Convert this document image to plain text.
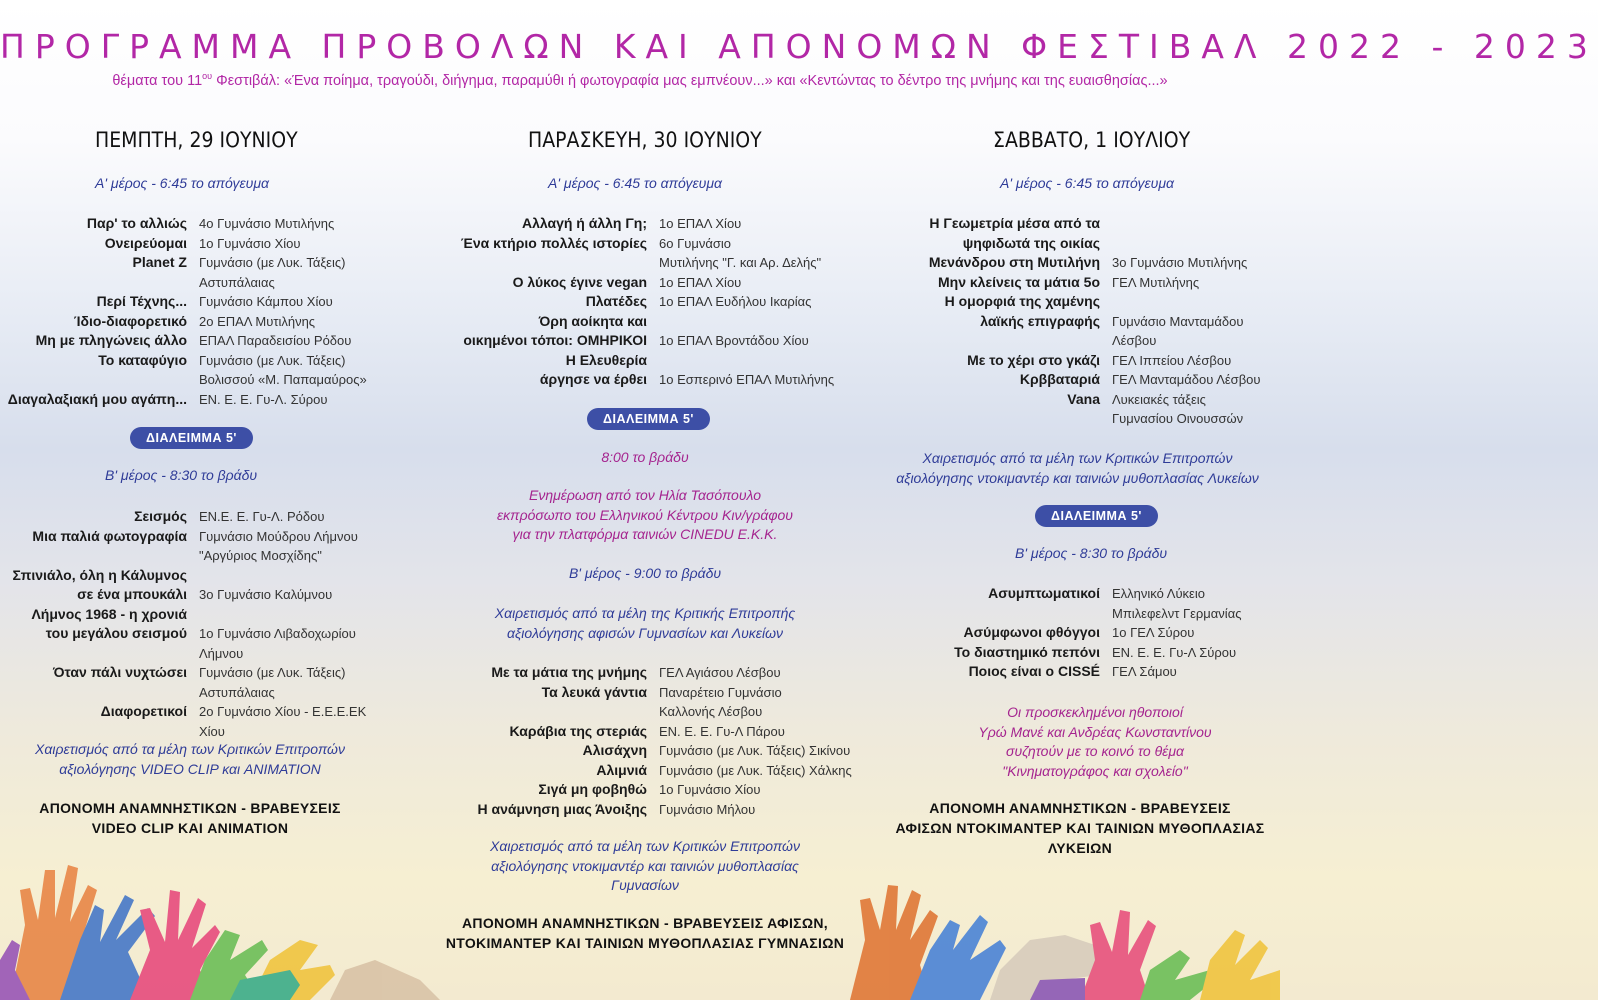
ΠΡΟΓΡΑΜΜΑ ΠΡΟΒΟΛΩΝ ΚΑΙ ΑΠΟΝΟΜΩΝ ΦΕΣΤΙΒΑΛ 2022 - 2023
θέματα του $11^{o\upsilon}$ Φεστιβάλ: «Ένα ποίημα, τραγούδι, διήγημα, παραμύθι ή φωτογραφία μας εμπνέουν...» και «Κεντώντας το δέντρο της μνήμης και της ευαισθησίας...»
ΠΕΜΠΤΗ, 29 ΙΟΥΝΙΟΥ
Α' μέρος - 6:45 το απόγευμα
Παρ' το αλλιώς 4ο Γυμνάσιο Μυτιλήνης
Ονειρεύομαι 1ο Γυμνάσιο Χίου
Planet Z Γυμνάσιο (με Λυκ. Τάξεις)
Αστυπάλαιας
Περί Τέχνης... Γυμνάσιο Κάμπου Χίου
Ίδιο-διαφορετικό 2ο ΕΠΑΛ Μυτιλήνης
Μη με πληγώνεις άλλο ΕΠΑΛ Παραδεισίου Ρόδου
Το καταφύγιο Γυμνάσιο (με Λυκ. Τάξεις)
Βολισσού «Μ. Παπαμαύρος»
Διαγαλαξιακή μου αγάπη... ΕΝ. Ε. Ε. Γυ-Λ. Σύρου
ΔΙΑΛΕΙΜΜΑ 5'
Β' μέρος - 8:30 το βράδυ
Σεισμός ΕΝ.Ε. Ε. Γυ-Λ. Ρόδου
Μια παλιά φωτογραφία Γυμνάσιο Μούδρου Λήμνου
"Αργύριος Μοσχίδης"
Σπινιάλο, όλη η Κάλυμνος
σε ένα μπουκάλι
3ο Γυμνάσιο Καλύμνου
Λήμνος 1968 - η χρονιά
του μεγάλου σεισμού
1ο Γυμνάσιο Λιβαδοχωρίου
Λήμνου
Όταν πάλι νυχτώσει Γυμνάσιο (με Λυκ. Τάξεις)
Αστυπάλαιας
Διαφορετικοί 2ο Γυμνάσιο Χίου - Ε.Ε.Ε.ΕΚ Χίου
Χαιρετισμός από τα μέλη των Κριτικών Επιτροπών
αξιολόγησης VIDEO CLIP και ANIMATION
ΑΠΟΝΟΜΗ ΑΝΑΜΝΗΣΤΙΚΩΝ - ΒΡΑΒΕΥΣΕΙΣ
VIDEO CLIP ΚΑΙ ANIMATION
ΠΑΡΑΣΚΕΥΗ, 30 ΙΟΥΝΙΟΥ
Α' μέρος - 6:45 το απόγευμα
Αλλαγή ή άλλη Γη; 1ο ΕΠΑΛ Χίου
Ένα κτήριο πολλές ιστορίες 6ο Γυμνάσιο
Μυτιλήνης "Γ. και Αρ. Δελής"
Ο λύκος έγινε vegan 1ο ΕΠΑΛ Χίου
Πλατέδες 1ο ΕΠΑΛ Ευδήλου Ικαρίας
Όρη αοίκητα και
οικημένοι τόποι: ΟΜΗΡΙΚΟΙ
1ο ΕΠΑΛ Βροντάδου Χίου
Η Ελευθερία
άργησε να έρθει
1ο Εσπερινό ΕΠΑΛ Μυτιλήνης
ΔΙΑΛΕΙΜΜΑ 5'
8:00 το βράδυ
Ενημέρωση από τον Ηλία Τασόπουλο
εκπρόσωπο του Ελληνικού Κέντρου Κιν/γράφου
για την πλατφόρμα ταινιών CINEDU Ε.Κ.Κ.
Β' μέρος - 9:00 το βράδυ
Χαιρετισμός από τα μέλη της Κριτικής Επιτροπής
αξιολόγησης αφισών Γυμνασίων και Λυκείων
Με τα μάτια της μνήμης ΓΕΛ Αγιάσου Λέσβου
Τα λευκά γάντια Παναρέτειο Γυμνάσιο
Καλλονής Λέσβου
Καράβια της στεριάς ΕΝ. Ε. Ε. Γυ-Λ Πάρου
Αλισάχνη Γυμνάσιο (με Λυκ. Τάξεις) Σικίνου
Αλιμνιά Γυμνάσιο (με Λυκ. Τάξεις) Χάλκης
Σιγά μη φοβηθώ 1ο Γυμνάσιο Χίου
Η ανάμνηση μιας Άνοιξης Γυμνάσιο Μήλου
Χαιρετισμός από τα μέλη των Κριτικών Επιτροπών
αξιολόγησης ντοκιμαντέρ και ταινιών μυθοπλασίας
Γυμνασίων
ΑΠΟΝΟΜΗ ΑΝΑΜΝΗΣΤΙΚΩΝ - ΒΡΑΒΕΥΣΕΙΣ ΑΦΙΣΩΝ,
ΝΤΟΚΙΜΑΝΤΕΡ ΚΑΙ ΤΑΙΝΙΩΝ ΜΥΘΟΠΛΑΣΙΑΣ ΓΥΜΝΑΣΙΩΝ
ΣΑΒΒΑΤΟ, 1 ΙΟΥΛΙΟΥ
Α' μέρος - 6:45 το απόγευμα
Η Γεωμετρία μέσα από τα
ψηφιδωτά της οικίας
Μενάνδρου στη Μυτιλήνη

3ο Γυμνάσιο Μυτιλήνης
Μην κλείνεις τα μάτια 5ο ΓΕΛ Μυτιλήνης
Η ομορφιά της χαμένης
λαϊκής επιγραφής
Γυμνάσιο Μανταμάδου
Λέσβου
Με το χέρι στο γκάζι ΓΕΛ Ιππείου Λέσβου
Κρββαταριά ΓΕΛ Μανταμάδου Λέσβου
Vana Λυκειακές τάξεις
Γυμνασίου Οινουσσών
Χαιρετισμός από τα μέλη των Κριτικών Επιτροπών
αξιολόγησης ντοκιμαντέρ και ταινιών μυθοπλασίας Λυκείων
ΔΙΑΛΕΙΜΜΑ 5'
Β' μέρος - 8:30 το βράδυ
Ασυμπτωματικοί Ελληνικό Λύκειο
Μπιλεφελντ Γερμανίας
Ασύμφωνοι φθόγγοι 1ο ΓΕΛ Σύρου
Το διαστημικό πεπόνι ΕΝ. Ε. Ε. Γυ-Λ Σύρου
Ποιος είναι ο CISSÉ ΓΕΛ Σάμου
Οι προσκεκλημένοι ηθοποιοί
Υρώ Μανέ και Ανδρέας Κωνσταντίνου
συζητούν με το κοινό το θέμα
"Κινηματογράφος και σχολείο"
ΑΠΟΝΟΜΗ ΑΝΑΜΝΗΣΤΙΚΩΝ - ΒΡΑΒΕΥΣΕΙΣ
ΑΦΙΣΩΝ ΝΤΟΚΙΜΑΝΤΕΡ ΚΑΙ ΤΑΙΝΙΩΝ ΜΥΘΟΠΛΑΣΙΑΣ ΛΥΚΕΙΩΝ
